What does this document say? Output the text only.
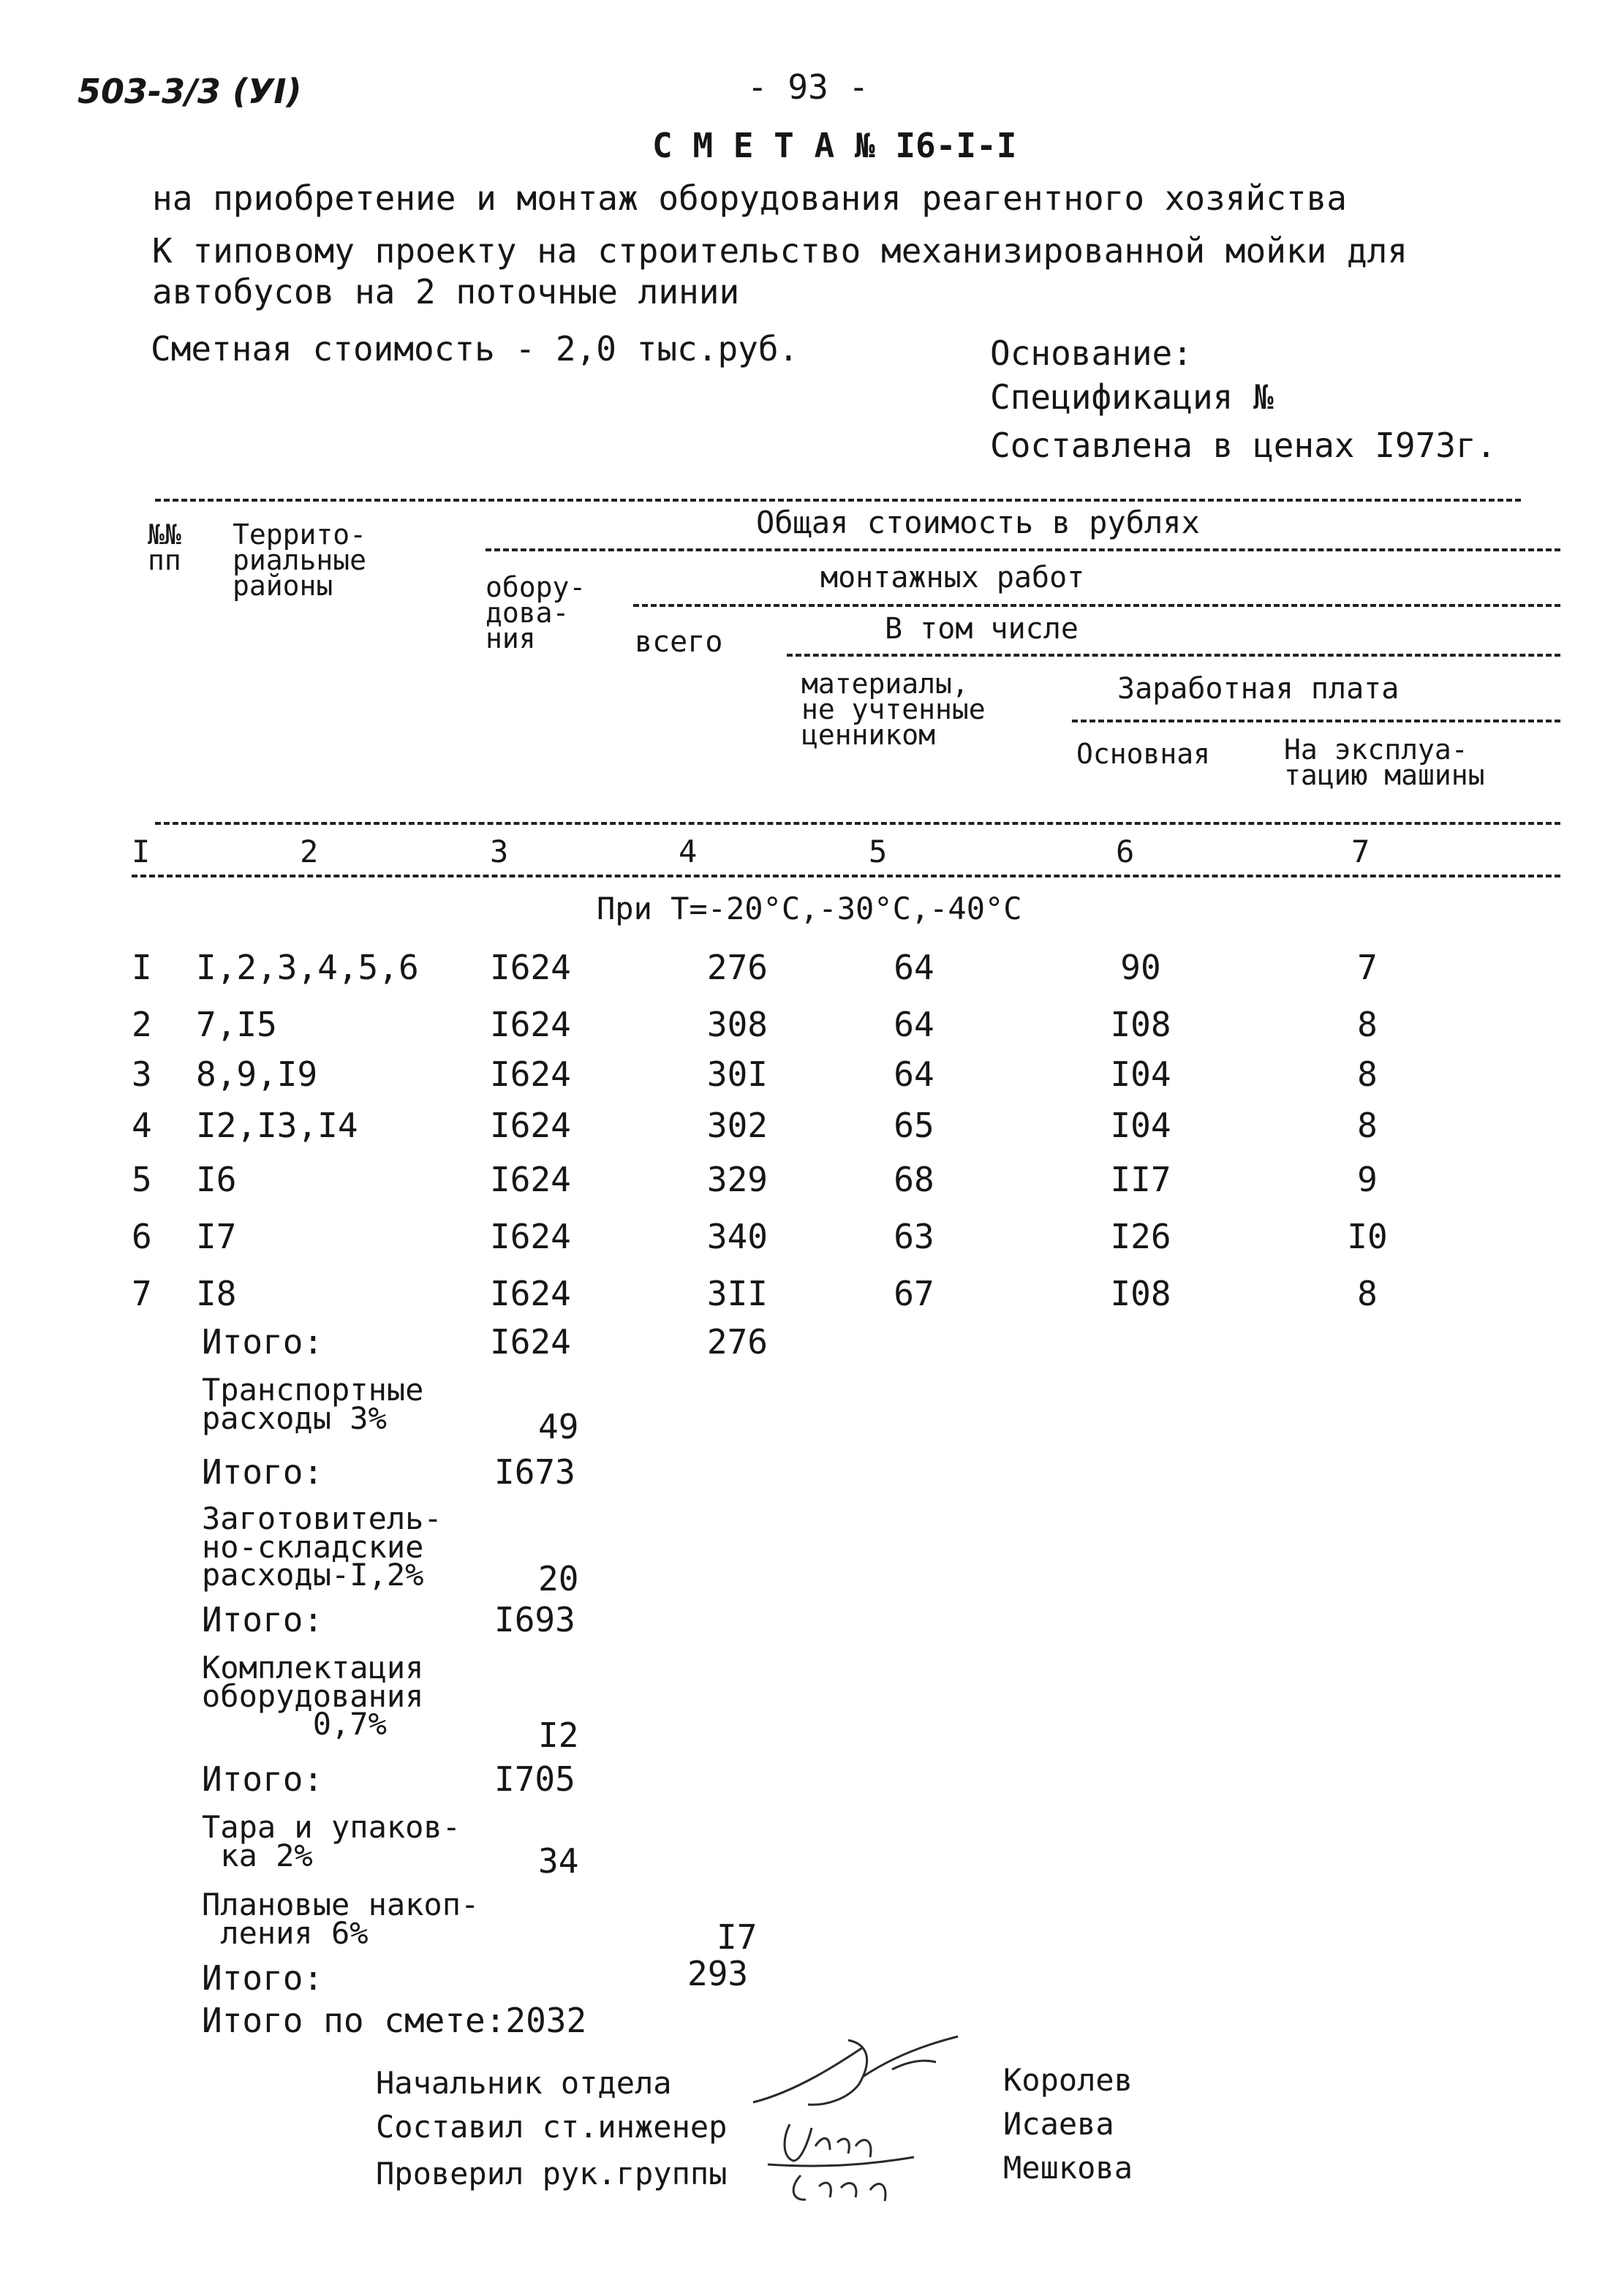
503-3/3 (УI)	- 93 -
С М Е Т А № I6-I-I
на приобретение и монтаж оборудования реагентного хозяйства
К типовому проекту на строительство механизированной мойки для
автобусов на 2 поточные линии
Сметная стоимость - 2,0 тыс.руб.	Основание:
Спецификация №
Составлена в ценах I973г.
№№
пп
Террито-
риальные
районы
Общая стоимость в рублях
обору-
дова-
ния
монтажных работ
всего	В том числе
материалы,
не учтенные
ценником
Заработная плата
Основная	На эксплуа-
тацию машины
I	2	3	4	5	6	7
При Т=-20°С,-30°С,-40°С
I I,2,3,4,5,6 I624	276	64	90	7
2 7,I5	I624	308	64	I08	8
3 8,9,I9	I624	30I	64	I04	8
4 I2,I3,I4	I624	302	65	I04	8
5 I6	I624	329	68	II7	9
6 I7	I624	340	63	I26	I0
7 I8	I624	3II	67	I08	8
Итого:	I624	276
Транспортные
расходы 3%	49
Итого:	I673
Заготовитель-
но-складские
расходы-I,2%	20
Итого:	I693
Комплектация
оборудования
0,7%	I2
Итого:	I705
Тара и упаков-
ка 2%	34
Плановые накоп-
ления 6%	I7
Итого:	293
Итого по смете:2032
Начальник отдела	Королев
Составил ст.инженер	Исаева
Проверил рук.группы	Мешкова
